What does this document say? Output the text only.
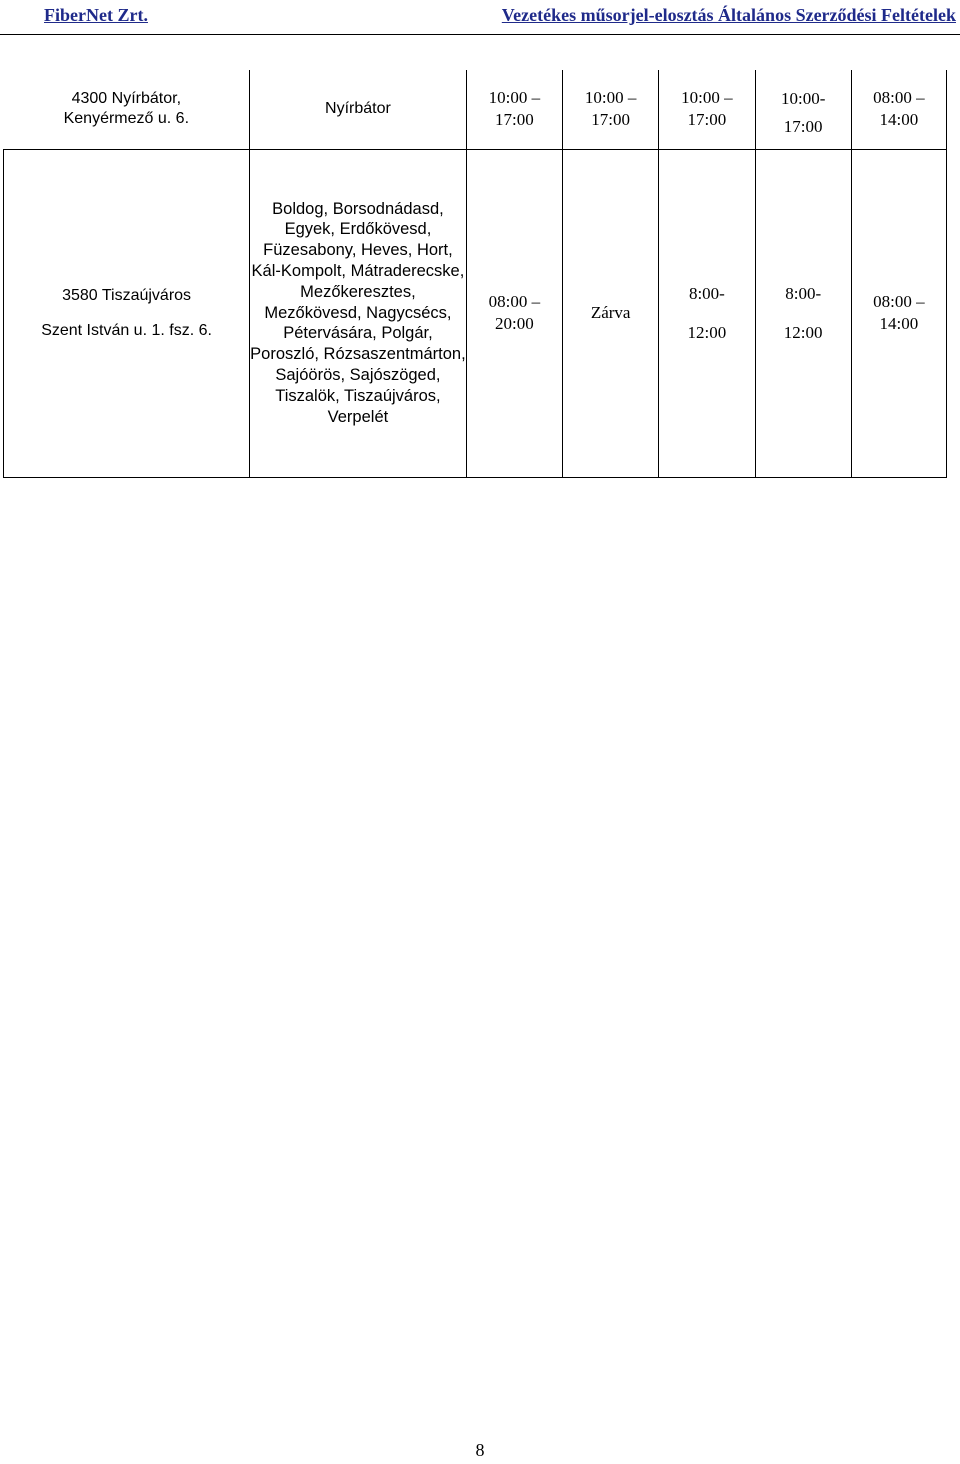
FiberNet Zrt.	Vezetékes műsorjel-elosztás Általános Szerződési Feltételek
4300 Nyírbátor,
Kenyérmező u. 6.	Nyírbátor	10:00 –
17:00	10:00 –
17:00	10:00 –
17:00	10:00-
17:00	08:00 –
14:00

3580 Tiszaújváros
Szent István u. 1. fsz. 6.	Boldog, Borsodnádasd, Egyek, Erdőkövesd, Füzesabony, Heves, Hort, Kál-Kompolt, Mátraderecske, Mezőkeresztes, Mezőkövesd, Nagycsécs, Pétervására, Polgár, Poroszló, Rózsaszentmárton, Sajóörös, Sajószöged, Tiszalök, Tiszaújváros, Verpelét	08:00 –
20:00	Zárva	8:00-
12:00	8:00-
12:00	08:00 –
14:00
8
